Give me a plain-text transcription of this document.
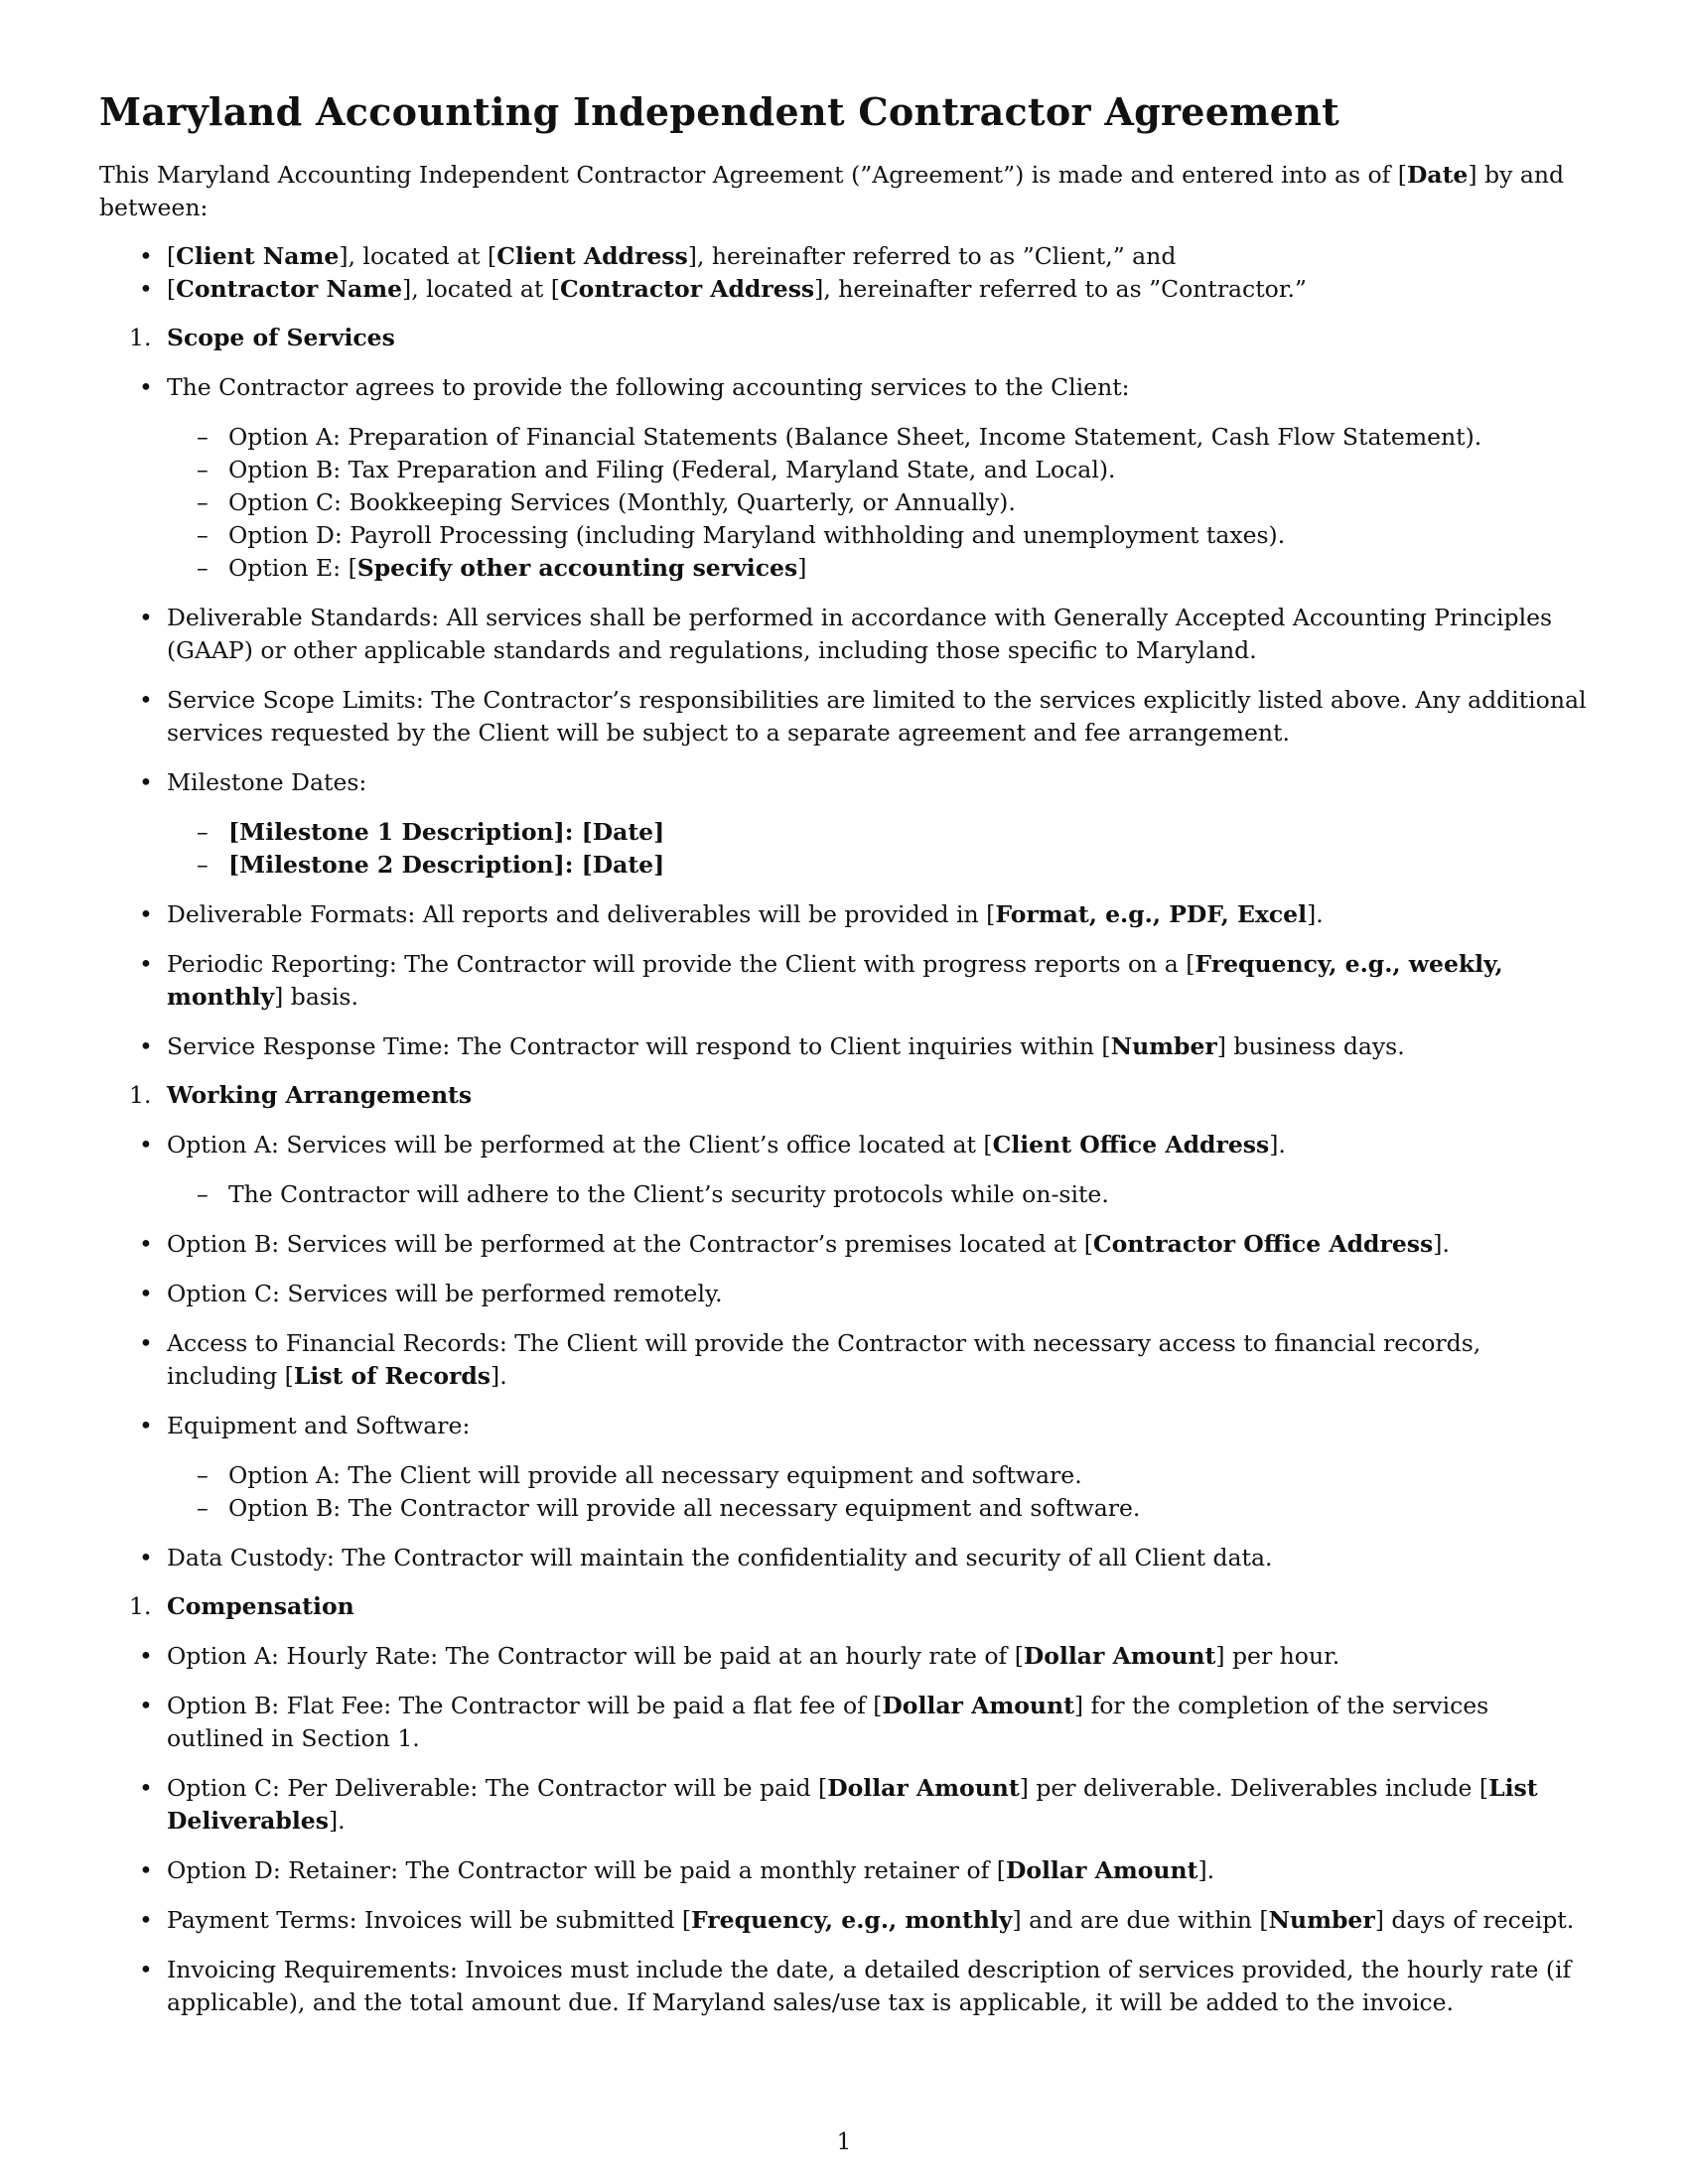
Maryland Accounting Independent Contractor Agreement

This Maryland Accounting Independent Contractor Agreement (”Agreement”) is made and entered into as of [Date] by and between:

• [Client Name], located at [Client Address], hereinafter referred to as ”Client,” and
• [Contractor Name], located at [Contractor Address], hereinafter referred to as ”Contractor.”
1. Scope of Services
• The Contractor agrees to provide the following accounting services to the Client:
– Option A: Preparation of Financial Statements (Balance Sheet, Income Statement, Cash Flow Statement).
– Option B: Tax Preparation and Filing (Federal, Maryland State, and Local).
– Option C: Bookkeeping Services (Monthly, Quarterly, or Annually).
– Option D: Payroll Processing (including Maryland withholding and unemployment taxes).
– Option E: [Specify other accounting services]
• Deliverable Standards: All services shall be performed in accordance with Generally Accepted Accounting Principles (GAAP) or other applicable standards and regulations, including those specific to Maryland.
• Service Scope Limits: The Contractor’s responsibilities are limited to the services explicitly listed above. Any additional services requested by the Client will be subject to a separate agreement and fee arrangement.
• Milestone Dates:
– [Milestone 1 Description]: [Date]
– [Milestone 2 Description]: [Date]
• Deliverable Formats: All reports and deliverables will be provided in [Format, e.g., PDF, Excel].
• Periodic Reporting: The Contractor will provide the Client with progress reports on a [Frequency, e.g., weekly, monthly] basis.
• Service Response Time: The Contractor will respond to Client inquiries within [Number] business days.
1. Working Arrangements
• Option A: Services will be performed at the Client’s office located at [Client Office Address].
– The Contractor will adhere to the Client’s security protocols while on-site.
• Option B: Services will be performed at the Contractor’s premises located at [Contractor Office Address].
• Option C: Services will be performed remotely.
• Access to Financial Records: The Client will provide the Contractor with necessary access to financial records, including [List of Records].
• Equipment and Software:
– Option A: The Client will provide all necessary equipment and software.
– Option B: The Contractor will provide all necessary equipment and software.
• Data Custody: The Contractor will maintain the confidentiality and security of all Client data.
1. Compensation
• Option A: Hourly Rate: The Contractor will be paid at an hourly rate of [Dollar Amount] per hour.
• Option B: Flat Fee: The Contractor will be paid a flat fee of [Dollar Amount] for the completion of the services outlined in Section 1.
• Option C: Per Deliverable: The Contractor will be paid [Dollar Amount] per deliverable. Deliverables include [List Deliverables].
• Option D: Retainer: The Contractor will be paid a monthly retainer of [Dollar Amount].
• Payment Terms: Invoices will be submitted [Frequency, e.g., monthly] and are due within [Number] days of receipt.
• Invoicing Requirements: Invoices must include the date, a detailed description of services provided, the hourly rate (if applicable), and the total amount due. If Maryland sales/use tax is applicable, it will be added to the invoice.
1
